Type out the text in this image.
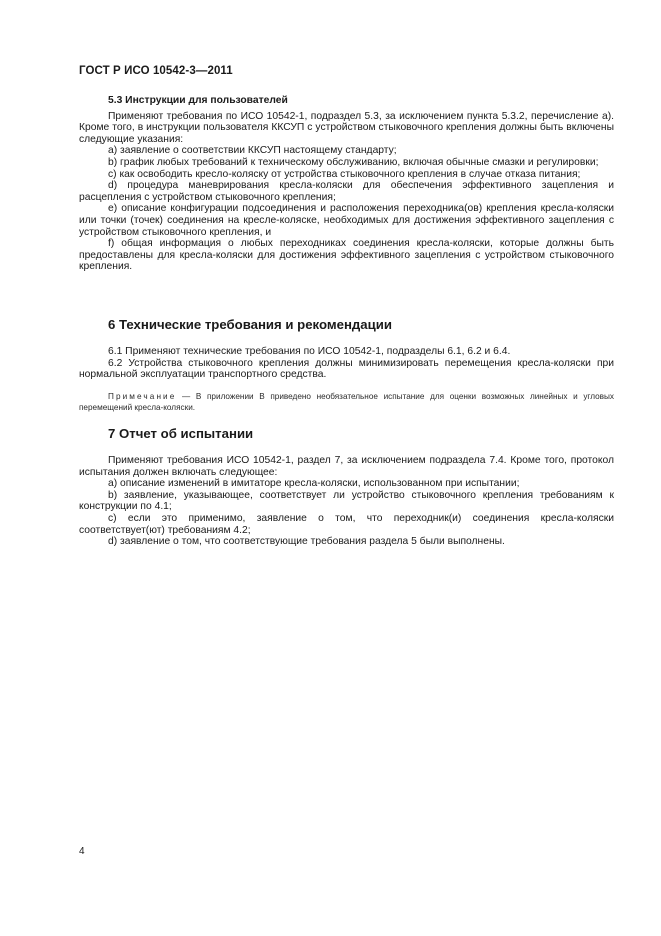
ГОСТ Р ИСО 10542-3—2011

5.3 Инструкции для пользователей

Применяют требования по ИСО 10542-1, подраздел 5.3, за исключением пункта 5.3.2, перечисление а). Кроме того, в инструкции пользователя ККСУП с устройством стыковочного крепления должны быть включены следующие указания:

а) заявление о соответствии ККСУП настоящему стандарту;

b) график любых требований к техническому обслуживанию, включая обычные смазки и регулировки;

с) как освободить кресло-коляску от устройства стыковочного крепления в случае отказа питания;

d) процедура маневрирования кресла-коляски для обеспечения эффективного зацепления и расцепления с устройством стыковочного крепления;

е) описание конфигурации подсоединения и расположения переходника(ов) крепления кресла-коляски или точки (точек) соединения на кресле-коляске, необходимых для достижения эффективного зацепления с устройством стыковочного крепления, и

f) общая информация о любых переходниках соединения кресла-коляски, которые должны быть предоставлены для кресла-коляски для достижения эффективного зацепления с устройством стыковочного крепления.

6 Технические требования и рекомендации

6.1 Применяют технические требования по ИСО 10542-1, подразделы 6.1, 6.2 и 6.4.

6.2 Устройства стыковочного крепления должны минимизировать перемещения кресла-коляски при нормальной эксплуатации транспортного средства.

Примечание — В приложении В приведено необязательное испытание для оценки возможных линейных и угловых перемещений кресла-коляски.

7 Отчет об испытании

Применяют требования ИСО 10542-1, раздел 7, за исключением подраздела 7.4. Кроме того, протокол испытания должен включать следующее:

а) описание изменений в имитаторе кресла-коляски, использованном при испытании;

b) заявление, указывающее, соответствует ли устройство стыковочного крепления требованиям к конструкции по 4.1;

с) если это применимо, заявление о том, что переходник(и) соединения кресла-коляски соответствует(ют) требованиям 4.2;

d) заявление о том, что соответствующие требования раздела 5 были выполнены.

4
